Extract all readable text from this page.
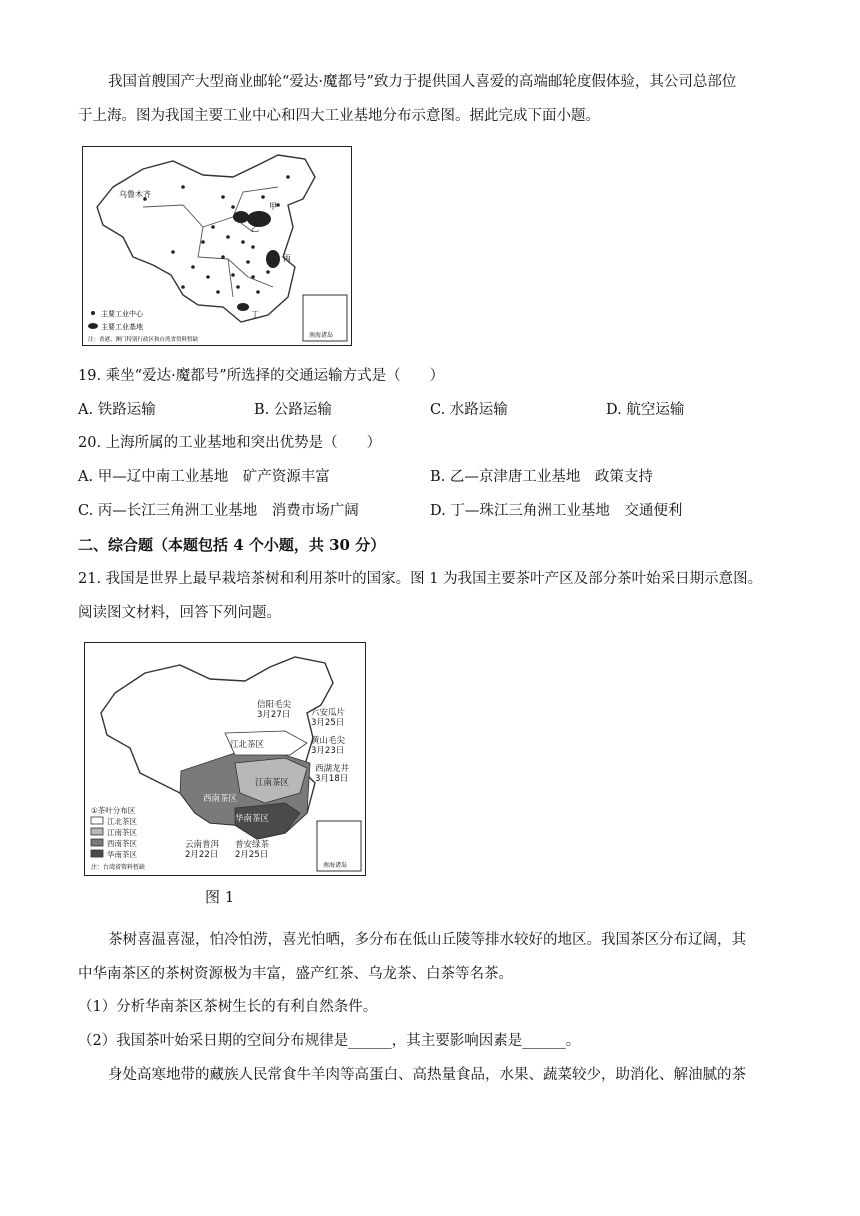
我国首艘国产大型商业邮轮“爱达·魔都号”致力于提供国人喜爱的高端邮轮度假体验，其公司总部位
于上海。图为我国主要工业中心和四大工业基地分布示意图。据此完成下面小题。
乌鲁木齐
甲
乙
丙
丁
南海诸岛
主要工业中心
主要工业基地
注：香港、澳门特别行政区和台湾省资料暂缺
19. 乘坐“爱达·魔都号”所选择的交通运输方式是（　　）
A. 铁路运输	B. 公路运输	C. 水路运输	D. 航空运输
20. 上海所属的工业基地和突出优势是（　　）
A. 甲—辽中南工业基地　矿产资源丰富	B. 乙—京津唐工业基地　政策支持
C. 丙—长江三角洲工业基地　消费市场广阔	D. 丁—珠江三角洲工业基地　交通便利
二、综合题（本题包括 4 个小题，共 30 分）
21. 我国是世界上最早栽培茶树和利用茶叶的国家。图 1 为我国主要茶叶产区及部分茶叶始采日期示意图。
阅读图文材料，回答下列问题。
信阳毛尖
3月27日 六安瓜片
3月25日
黄山毛尖
3月23日
西湖龙井
3月18日
云南普洱
2月22日
普安绿茶
2月25日
江北茶区
西南茶区
江南茶区
华南茶区
①茶叶分布区
江北茶区
江南茶区
西南茶区
华南茶区
注：台湾省资料暂缺	南海诸岛
图 1
茶树喜温喜湿，怕冷怕涝，喜光怕晒，多分布在低山丘陵等排水较好的地区。我国茶区分布辽阔，其
中华南茶区的茶树资源极为丰富，盛产红茶、乌龙茶、白茶等名茶。
（1）分析华南茶区茶树生长的有利自然条件。
（2）我国茶叶始采日期的空间分布规律是______，其主要影响因素是______。
身处高寒地带的藏族人民常食牛羊肉等高蛋白、高热量食品，水果、蔬菜较少，助消化、解油腻的茶
